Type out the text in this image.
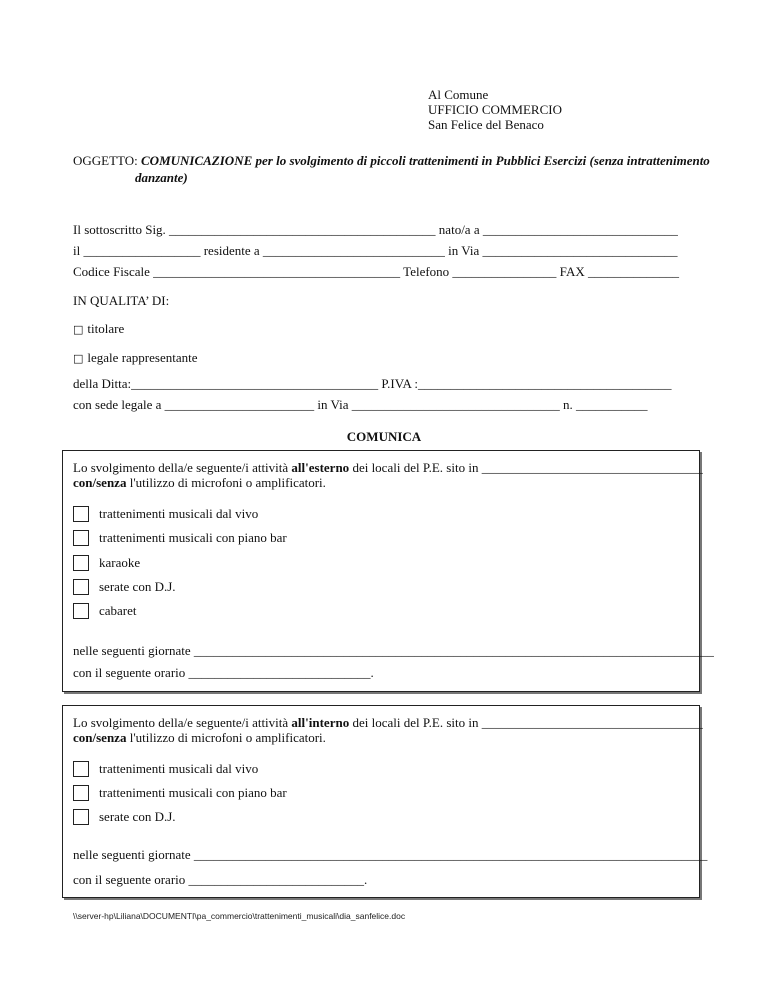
Al Comune
UFFICIO COMMERCIO
San Felice del Benaco
OGGETTO: COMUNICAZIONE per lo svolgimento di piccoli trattenimenti in Pubblici Esercizi (senza intrattenimento
danzante)
Il sottoscritto Sig. _________________________________________ nato/a a ______________________________
il __________________ residente a ____________________________ in Via ______________________________
Codice Fiscale ______________________________________ Telefono ________________ FAX ______________
IN QUALITA’ DI:
□ titolare
□ legale rappresentante
della Ditta:______________________________________ P.IVA :_______________________________________
con sede legale a _______________________ in Via ________________________________ n. ___________
COMUNICA
Lo svolgimento della/e seguente/i attività all'esterno dei locali del P.E. sito in __________________________________
con/senza l'utilizzo di microfoni o amplificatori.
trattenimenti musicali dal vivo
trattenimenti musicali con piano bar
karaoke
serate con D.J.
cabaret
nelle seguenti giornate ________________________________________________________________________________
con il seguente orario ____________________________.
Lo svolgimento della/e seguente/i attività all'interno dei locali del P.E. sito in __________________________________
con/senza l'utilizzo di microfoni o amplificatori.
trattenimenti musicali dal vivo
trattenimenti musicali con piano bar
serate con D.J.
nelle seguenti giornate _______________________________________________________________________________
con il seguente orario ___________________________.
\\server-hp\Liliana\DOCUMENTI\pa_commercio\trattenimenti_musicali\dia_sanfelice.doc
